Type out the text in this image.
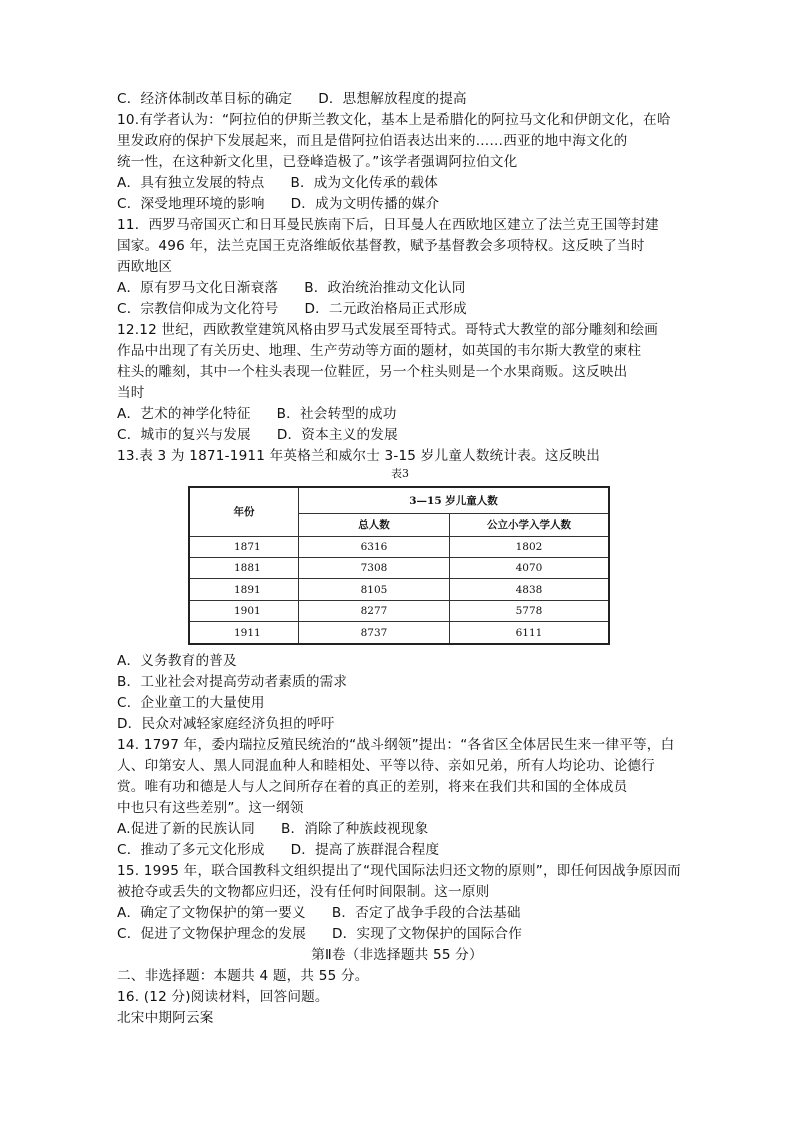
C．经济体制改革目标的确定 D．思想解放程度的提高
10.有学者认为：“阿拉伯的伊斯兰教文化，基本上是希腊化的阿拉马文化和伊朗文化，在哈
里发政府的保护下发展起来，而且是借阿拉伯语表达出来的……西亚的地中海文化的
统一性，在这种新文化里，已登峰造极了。”该学者强调阿拉伯文化
A．具有独立发展的特点 B．成为文化传承的载体
C．深受地理环境的影响 D．成为文明传播的媒介
11．西罗马帝国灭亡和日耳曼民族南下后，日耳曼人在西欧地区建立了法兰克王国等封建
国家。496 年，法兰克国王克洛维皈依基督教，赋予基督教会多项特权。这反映了当时
西欧地区
A．原有罗马文化日渐衰落 B．政治统治推动文化认同
C．宗教信仰成为文化符号 D．二元政治格局正式形成
12.12 世纪，西欧教堂建筑风格由罗马式发展至哥特式。哥特式大教堂的部分雕刻和绘画
作品中出现了有关历史、地理、生产劳动等方面的题材，如英国的韦尔斯大教堂的柬柱
柱头的雕刻，其中一个柱头表现一位鞋匠，另一个柱头则是一个水果商贩。这反映出
当时
A．艺术的神学化特征 B．社会转型的成功
C．城市的复兴与发展 D．资本主义的发展
13.表 3 为 1871-1911 年英格兰和威尔士 3-15 岁儿童人数统计表。这反映出
表3
年份	3—15 岁儿童人数	
	总人数	公立小学入学人数
1871	6316	1802
1881	7308	4070
1891	8105	4838
1901	8277	5778
1911	8737	6111
A．义务教育的普及
B．工业社会对提高劳动者素质的需求
C．企业童工的大量使用
D．民众对减轻家庭经济负担的呼吁
14. 1797 年，委内瑞拉反殖民统治的“战斗纲领”提出：“各省区全体居民生来一律平等，白
人、印第安人、黑人同混血种人和睦相处、平等以待、亲如兄弟，所有人均论功、论德行
赏。唯有功和德是人与人之间所存在着的真正的差别，将来在我们共和国的全体成员
中也只有这些差别”。这一纲领
A.促进了新的民族认同 B．消除了种族歧视现象
C．推动了多元文化形成 D．提高了族群混合程度
15. 1995 年，联合国教科文组织提出了“现代国际法归还文物的原则”，即任何因战争原因而
被抢夺或丢失的文物都应归还，没有任何时间限制。这一原则
A．确定了文物保护的第一要义 B．否定了战争手段的合法基础
C．促进了文物保护理念的发展 D．实现了文物保护的国际合作
第Ⅱ卷（非选择题共 55 分）
二、非选择题：本题共 4 题，共 55 分。
16. (12 分)阅读材料，回答问题。
北宋中期阿云案
